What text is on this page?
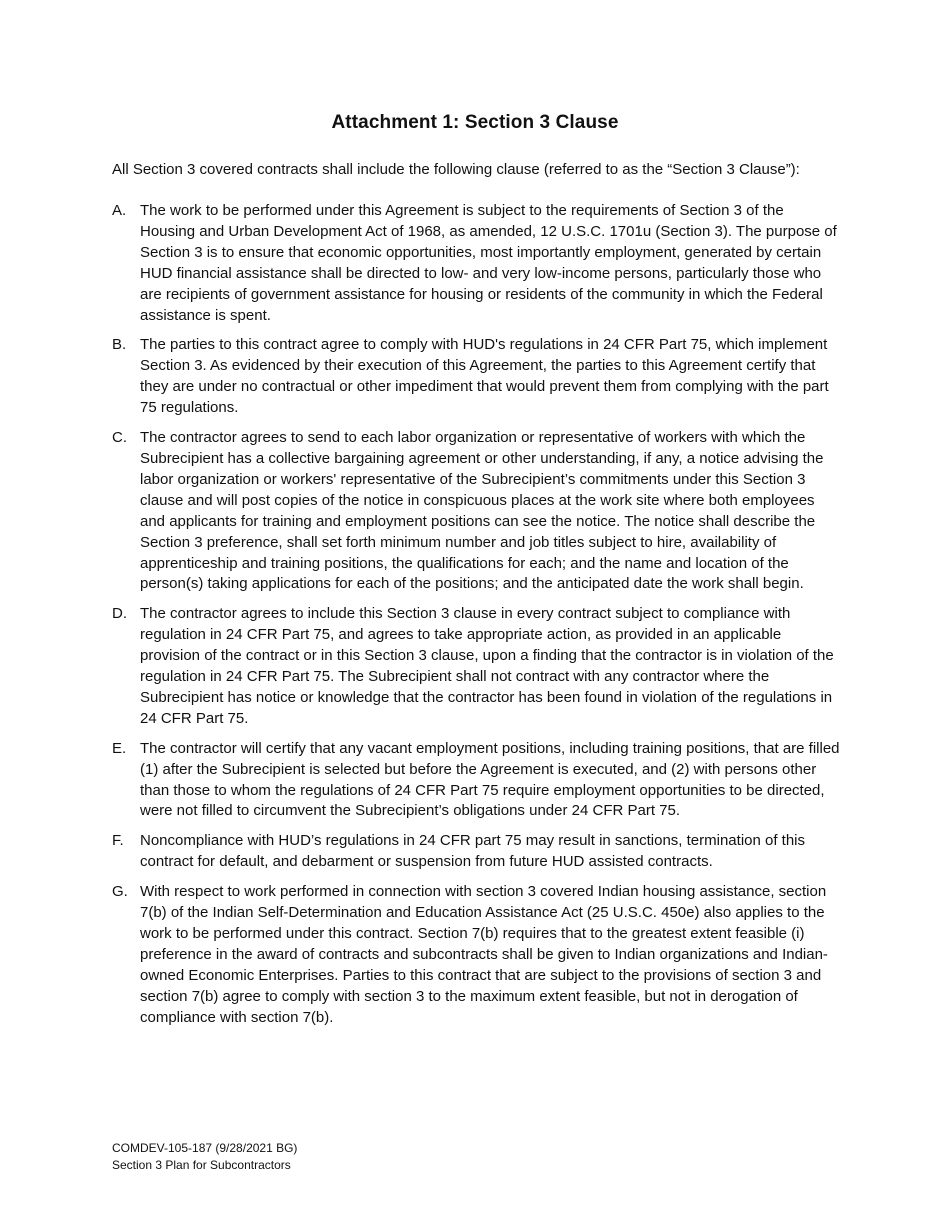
Attachment 1: Section 3 Clause
All Section 3 covered contracts shall include the following clause (referred to as the “Section 3 Clause”):
A. The work to be performed under this Agreement is subject to the requirements of Section 3 of the Housing and Urban Development Act of 1968, as amended, 12 U.S.C. 1701u (Section 3). The purpose of Section 3 is to ensure that economic opportunities, most importantly employment, generated by certain HUD financial assistance shall be directed to low- and very low-income persons, particularly those who are recipients of government assistance for housing or residents of the community in which the Federal assistance is spent.
B. The parties to this contract agree to comply with HUD's regulations in 24 CFR Part 75, which implement Section 3. As evidenced by their execution of this Agreement, the parties to this Agreement certify that they are under no contractual or other impediment that would prevent them from complying with the part 75 regulations.
C. The contractor agrees to send to each labor organization or representative of workers with which the Subrecipient has a collective bargaining agreement or other understanding, if any, a notice advising the labor organization or workers' representative of the Subrecipient’s commitments under this Section 3 clause and will post copies of the notice in conspicuous places at the work site where both employees and applicants for training and employment positions can see the notice. The notice shall describe the Section 3 preference, shall set forth minimum number and job titles subject to hire, availability of apprenticeship and training positions, the qualifications for each; and the name and location of the person(s) taking applications for each of the positions; and the anticipated date the work shall begin.
D. The contractor agrees to include this Section 3 clause in every contract subject to compliance with regulation in 24 CFR Part 75, and agrees to take appropriate action, as provided in an applicable provision of the contract or in this Section 3 clause, upon a finding that the contractor is in violation of the regulation in 24 CFR Part 75. The Subrecipient shall not contract with any contractor where the Subrecipient has notice or knowledge that the contractor has been found in violation of the regulations in 24 CFR Part 75.
E. The contractor will certify that any vacant employment positions, including training positions, that are filled (1) after the Subrecipient is selected but before the Agreement is executed, and (2) with persons other than those to whom the regulations of 24 CFR Part 75 require employment opportunities to be directed, were not filled to circumvent the Subrecipient’s obligations under 24 CFR Part 75.
F.	Noncompliance with HUD’s regulations in 24 CFR part 75 may result in sanctions, termination of this contract for default, and debarment or suspension from future HUD assisted contracts.
G. With respect to work performed in connection with section 3 covered Indian housing assistance, section 7(b) of the Indian Self-Determination and Education Assistance Act (25 U.S.C. 450e) also applies to the work to be performed under this contract. Section 7(b) requires that to the greatest extent feasible (i) preference in the award of contracts and subcontracts shall be given to Indian organizations and Indian-owned Economic Enterprises. Parties to this contract that are subject to the provisions of section 3 and section 7(b) agree to comply with section 3 to the maximum extent feasible, but not in derogation of compliance with section 7(b).
COMDEV-105-187 (9/28/2021 BG)
Section 3 Plan for Subcontractors
